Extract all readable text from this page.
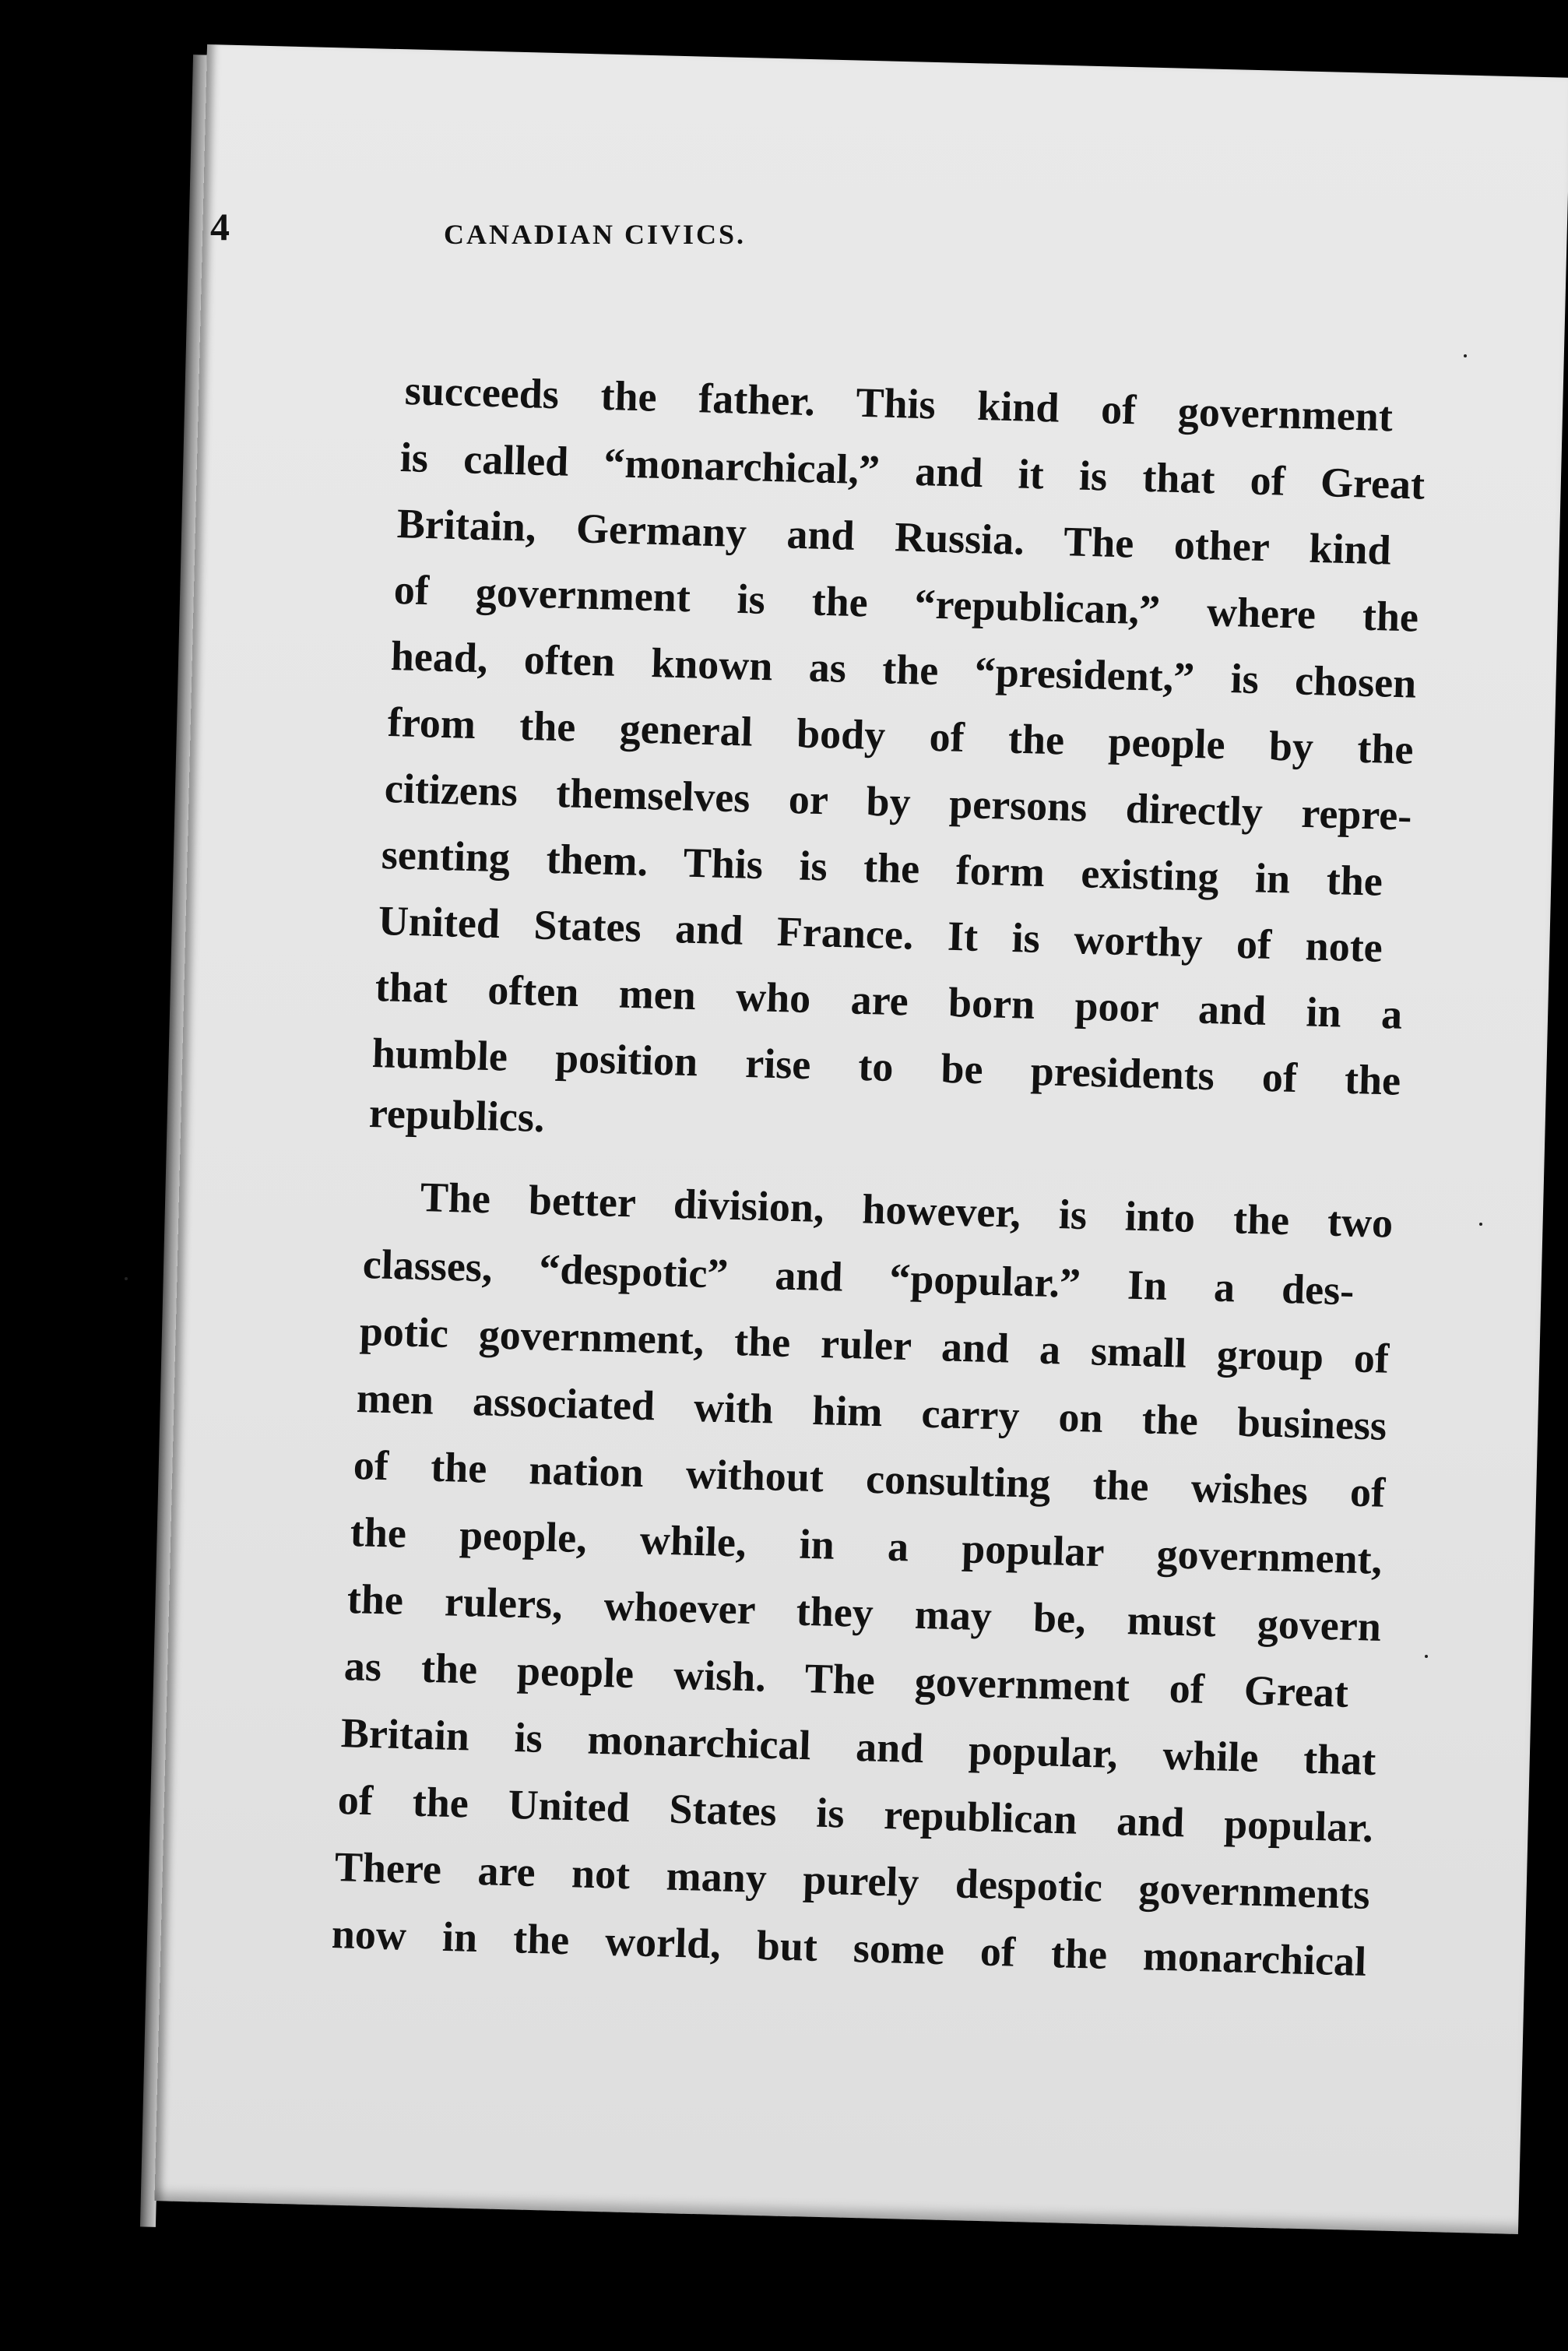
4	CANADIAN CIVICS.
succeeds the father. This kind of government
is called “monarchical,” and it is that of Great
Britain, Germany and Russia. The other kind
of government is the “republican,” where the
head, often known as the “president,” is chosen
from the general body of the people by the
citizens themselves or by persons directly repre-
senting them. This is the form existing in the
United States and France. It is worthy of note
that often men who are born poor and in a
humble position rise to be presidents of the
republics.
The better division, however, is into the two
classes, “despotic” and “popular.” In a des-
potic government, the ruler and a small group of
men associated with him carry on the business
of the nation without consulting the wishes of
the people, while, in a popular government,
the rulers, whoever they may be, must govern
as the people wish. The government of Great
Britain is monarchical and popular, while that
of the United States is republican and popular.
There are not many purely despotic governments
now in the world, but some of the monarchical
